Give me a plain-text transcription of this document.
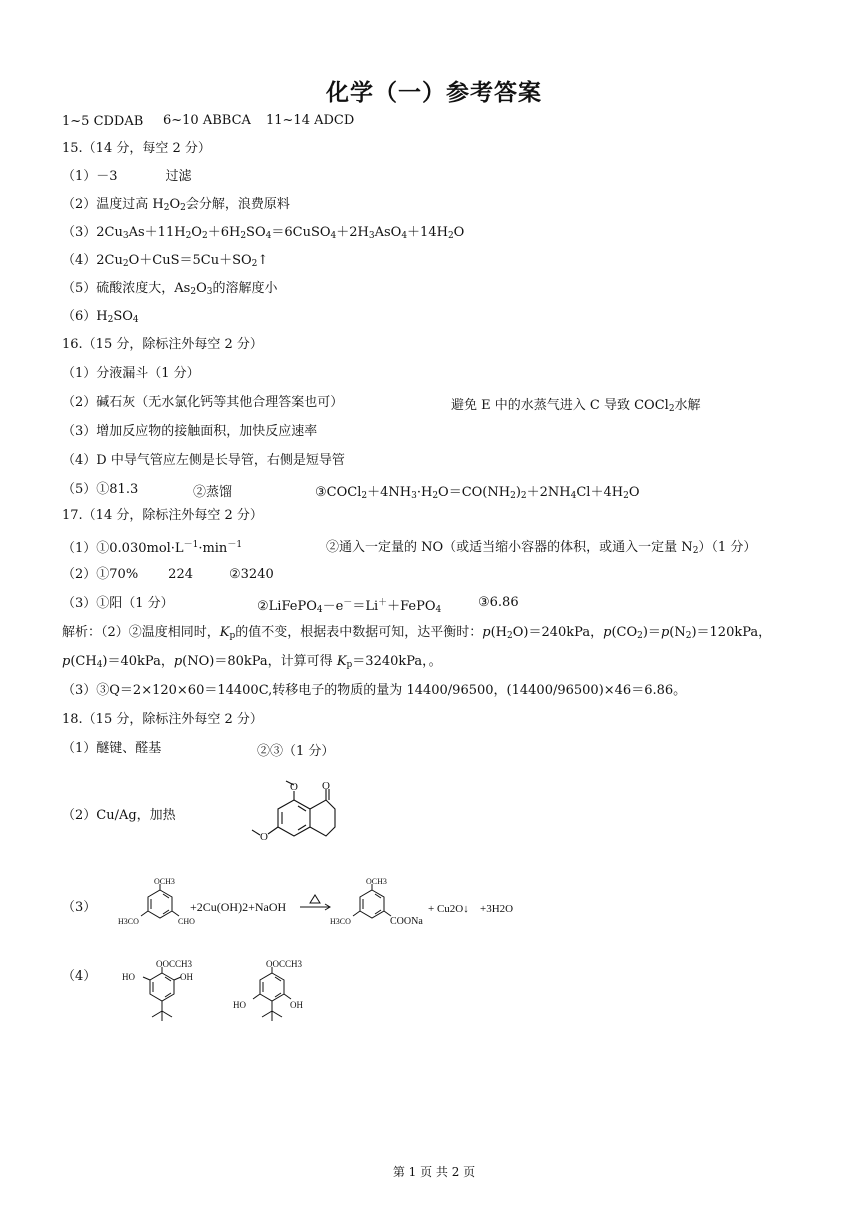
化学（一）参考答案
1~5 CDDAB 6~10 ABBCA 11~14 ADCD
15.（14 分，每空 2 分）
（1）－3	过滤
（2）温度过高 $H_2O_2$会分解，浪费原料
$(3)2Cu_3As+11H_2O_2+6H_2SO_4=6CuSO_4+2H_3AsO_4+14H_2O$
$(4)2Cu_2O+CuS=5Cu+SO_2↑$
（5）硫酸浓度大，$As_2O_3$的溶解度小
$(6)H_2SO_4$
16.（15 分，除标注外每空 2 分）
（1）分液漏斗（1 分）
（2）碱石灰（无水氯化钙等其他合理答案也可）	避免 E 中的水蒸气进入 C 导致 COCl$_2$水解
（3）增加反应物的接触面积，加快反应速率
（4）D 中导气管应左侧是长导管，右侧是短导管
（5）①81.3	②蒸馏	$③COCl_2+4NH_3\cdot H_2O=CO(NH_2)_2+2NH_4Cl+4H_2O$
17.（14 分，除标注外每空 2 分）
$(1)①0.030mol\cdot L^{-1}\cdot\min^{-1}$	②通入一定量的 NO（或适当缩小容器的体积，或通入一定量 $N_2)(1$ 分）
（2）①70% 224	②3240
（3）①阳（1 分）	②LiFePO$_4$－e－＝Li＋＋FePO$_4$	③6.86
解析：（2）②温度相同时，$K_p$的值不变，根据表中数据可知，达平衡时：$p(H_2O)=240kPa$，$p(CO_2)=p(N_2)=120kPa$，
$p(CH_4)=40kPa$，p(NO)＝80kPa，计算可得 $K_p=3240kPa$，。
（3）③Q＝2×120×60＝14400C,转移电子的物质的量为 14400/96500，(14400/96500)×46＝6.86。
18.（15 分，除标注外每空 2 分）
（1）醚键、醛基	②③（1 分）
（2）Cu/Ag，加热
O O
O
（3）
OCH3
H3CO	CHO
+2Cu(OH)2+NaOH
OCH3
H3CO	COONa
+ Cu2O↓ +3H2O
（4）
OOCCH3
HO	OH
OOCCH3
HO	OH
第 1 页 共 2 页
